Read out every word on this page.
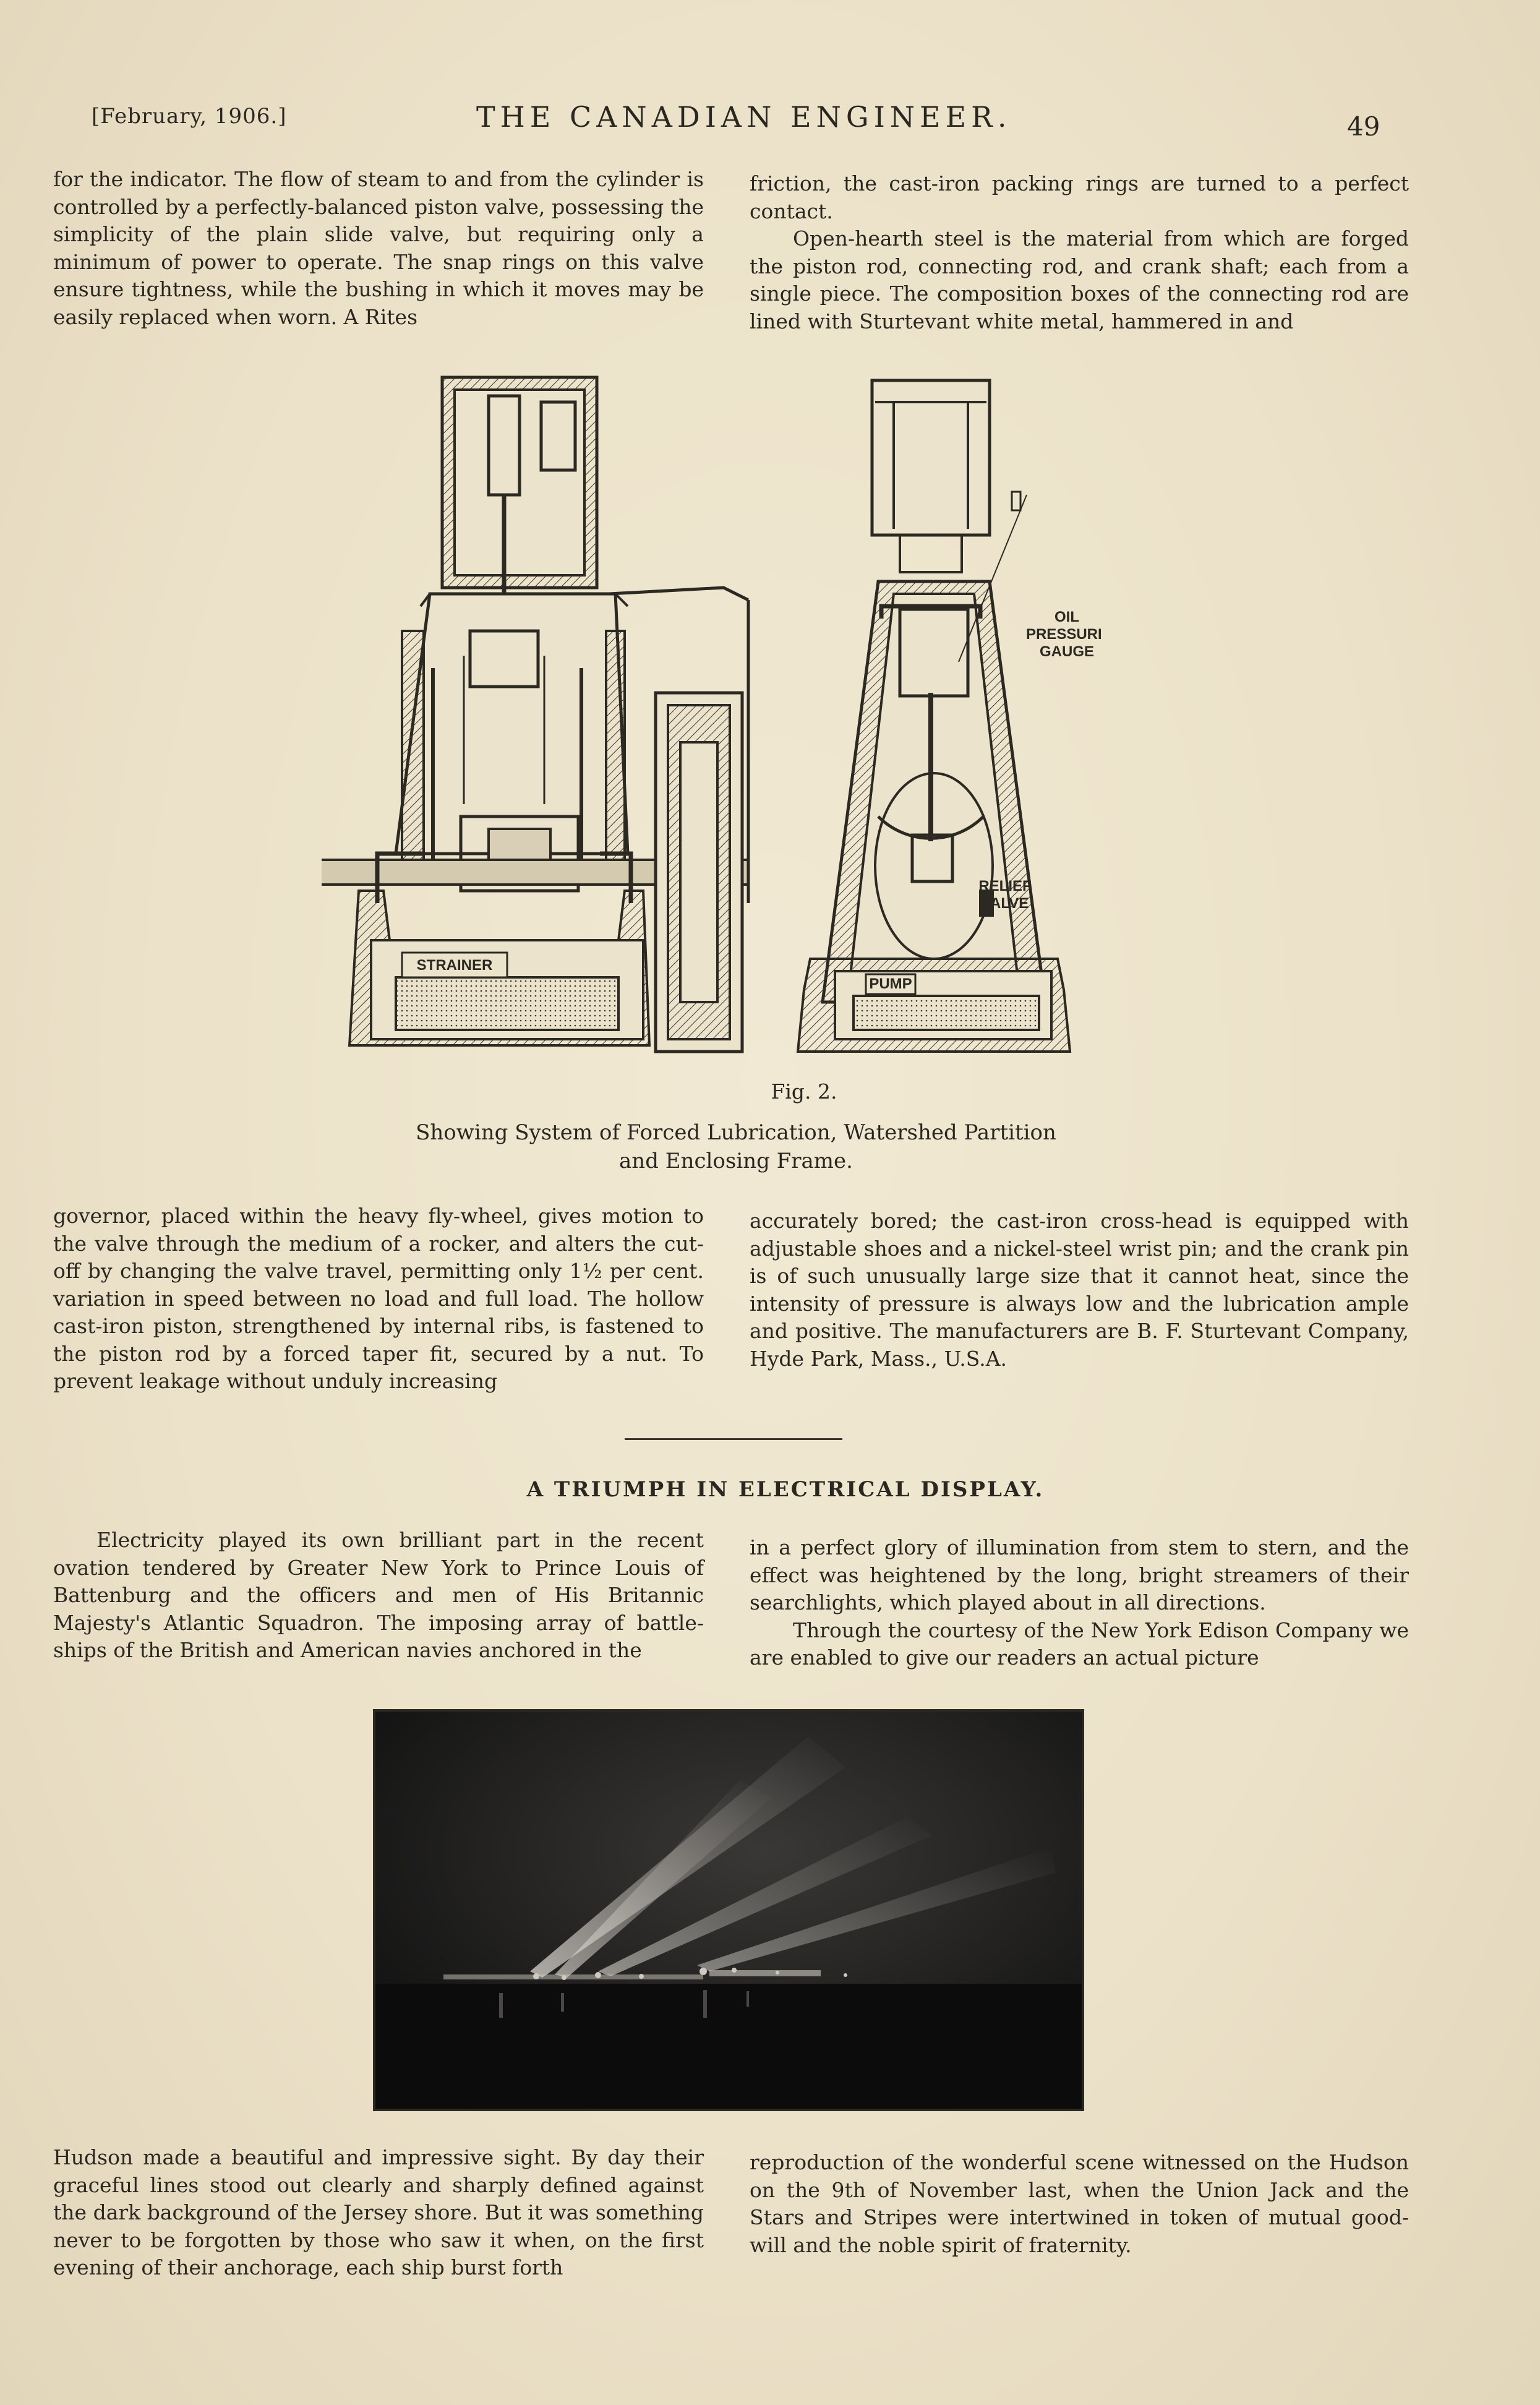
[February, 1906.]	THE CANADIAN ENGINEER.	49

for the indicator. The flow of steam to and from the cylinder is controlled by a perfectly-balanced piston valve, possessing the simplicity of the plain slide valve, but requiring only a minimum of power to operate. The snap rings on this valve ensure tightness, while the bushing in which it moves may be easily replaced when worn. A Rites

friction, the cast-iron packing rings are turned to a perfect contact.

Open-hearth steel is the material from which are forged the piston rod, connecting rod, and crank shaft; each from a single piece. The composition boxes of the connecting rod are lined with Sturtevant white metal, hammered in and

OIL
PRESSURE
GAUGE
STRAINER
RELIEF
VALVE
PUMP
Fig. 2.
Showing System of Forced Lubrication, Watershed Partition
and Enclosing Frame.

governor, placed within the heavy fly-wheel, gives motion to the valve through the medium of a rocker, and alters the cut-off by changing the valve travel, permitting only 1½ per cent. variation in speed between no load and full load. The hollow cast-iron piston, strengthened by internal ribs, is fastened to the piston rod by a forced taper fit, secured by a nut. To prevent leakage without unduly increasing

accurately bored; the cast-iron cross-head is equipped with adjustable shoes and a nickel-steel wrist pin; and the crank pin is of such unusually large size that it cannot heat, since the intensity of pressure is always low and the lubrication ample and positive. The manufacturers are B. F. Sturtevant Company, Hyde Park, Mass., U.S.A.

A TRIUMPH IN ELECTRICAL DISPLAY.

Electricity played its own brilliant part in the recent ovation tendered by Greater New York to Prince Louis of Battenburg and the officers and men of His Britannic Majesty's Atlantic Squadron. The imposing array of battle-ships of the British and American navies anchored in the

in a perfect glory of illumination from stem to stern, and the effect was heightened by the long, bright streamers of their searchlights, which played about in all directions.

Through the courtesy of the New York Edison Company we are enabled to give our readers an actual picture

Hudson made a beautiful and impressive sight. By day their graceful lines stood out clearly and sharply defined against the dark background of the Jersey shore. But it was something never to be forgotten by those who saw it when, on the first evening of their anchorage, each ship burst forth

reproduction of the wonderful scene witnessed on the Hudson on the 9th of November last, when the Union Jack and the Stars and Stripes were intertwined in token of mutual good-will and the noble spirit of fraternity.
